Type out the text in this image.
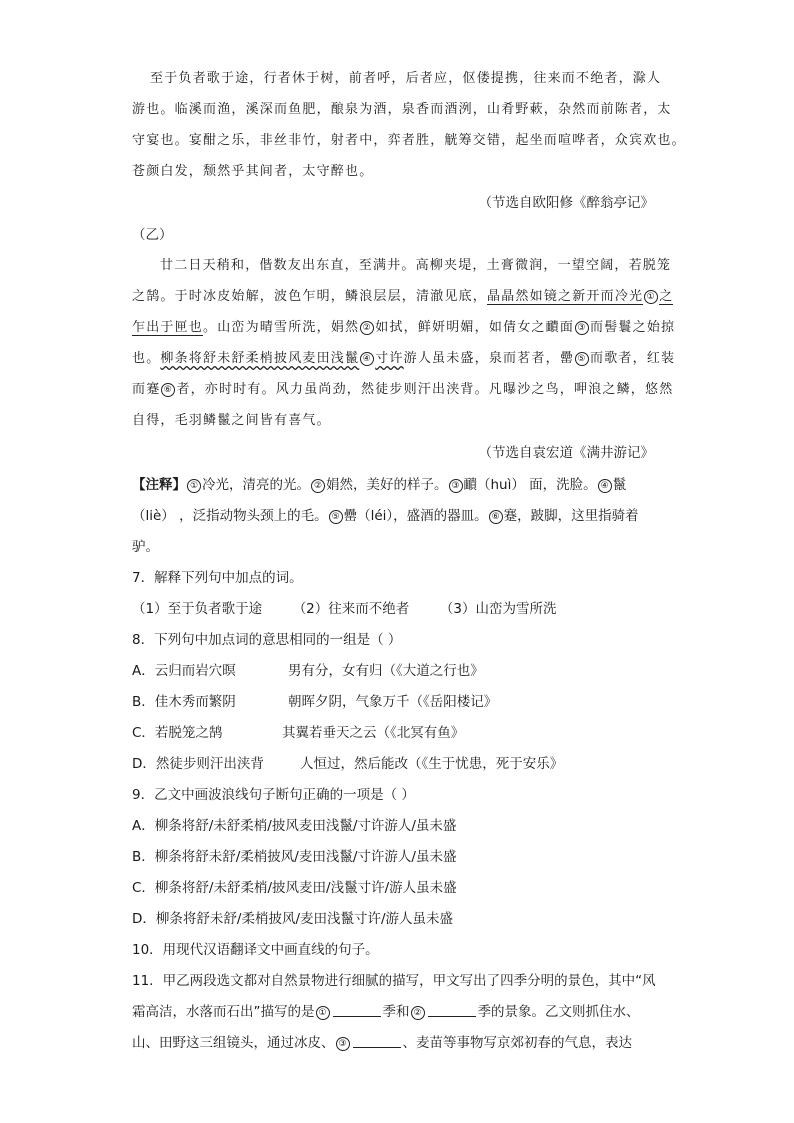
至于负者歌于途，行者休于树，前者呼，后者应，伛偻提携，往来而不绝者，滁人
游也。临溪而渔，溪深而鱼肥，酿泉为酒，泉香而酒洌，山肴野蔌，杂然而前陈者，太
守宴也。宴酣之乐，非丝非竹，射者中，弈者胜，觥筹交错，起坐而喧哗者，众宾欢也。
苍颜白发，颓然乎其间者，太守醉也。
（节选自欧阳修《醉翁亭记》
（乙）
廿二日天稍和，偕数友出东直，至满井。高柳夹堤，土膏微润，一望空阔，若脱笼
之鹄。于时冰皮始解，波色乍明，鳞浪层层，清澈见底，晶晶然如镜之新开而冷光 ① 之
乍出于匣也。山峦为晴雪所洗，娟然 ② 如拭，鲜妍明媚，如倩女之靧面 ③ 而髻鬟之始掠
也。柳条将舒未舒柔梢披风麦田浅鬣 ④ 寸许游人虽未盛，泉而茗者，罍 ⑤ 而歌者，红装
而蹇 ⑥ 者，亦时时有。风力虽尚劲，然徒步则汗出浃背。凡曝沙之鸟，呷浪之鳞，悠然
自得，毛羽鳞鬣之间皆有喜气。
（节选自袁宏道《满井游记》
【注释】 ① 冷光，清亮的光。 ② 娟然，美好的样子。 ③ 靧（huì） 面，洗脸。 ④ 鬣
（liè） ，泛指动物头颈上的毛。 ⑤ 罍（léi），盛酒的器皿。 ⑥ 蹇，跛脚，这里指骑着
驴。
7．解释下列句中加点的词。
（1）至于负者歌于途 （2）往来而不绝者 （3）山峦为雪所洗
8．下列句中加点词的意思相同的一组是（ ）
A．云归而岩穴暝	男有分，女有归（《大道之行也》
B．佳木秀而繁阴	朝晖夕阴，气象万千（《岳阳楼记》
C．若脱笼之鹄	其翼若垂天之云（《北冥有鱼》
D．然徒步则汗出浃背	人恒过，然后能改（《生于忧患，死于安乐》
9．乙文中画波浪线句子断句正确的一项是（ ）
A．柳条将舒/未舒柔梢/披风麦田浅鬣/寸许游人/虽未盛
B．柳条将舒未舒/柔梢披风/麦田浅鬣/寸许游人/虽未盛
C．柳条将舒/未舒柔梢/披风麦田/浅鬣寸许/游人虽未盛
D．柳条将舒未舒/柔梢披风/麦田浅鬣寸许/游人虽未盛
10．用现代汉语翻译文中画直线的句子。
11．甲乙两段选文都对自然景物进行细腻的描写，甲文写出了四季分明的景色，其中“风
霜高洁，水落而石出”描写的是 ①	季和 ②	季的景象。乙文则抓住水、
山、田野这三组镜头，通过冰皮、 ③	、麦苗等事物写京郊初春的气息，表达
